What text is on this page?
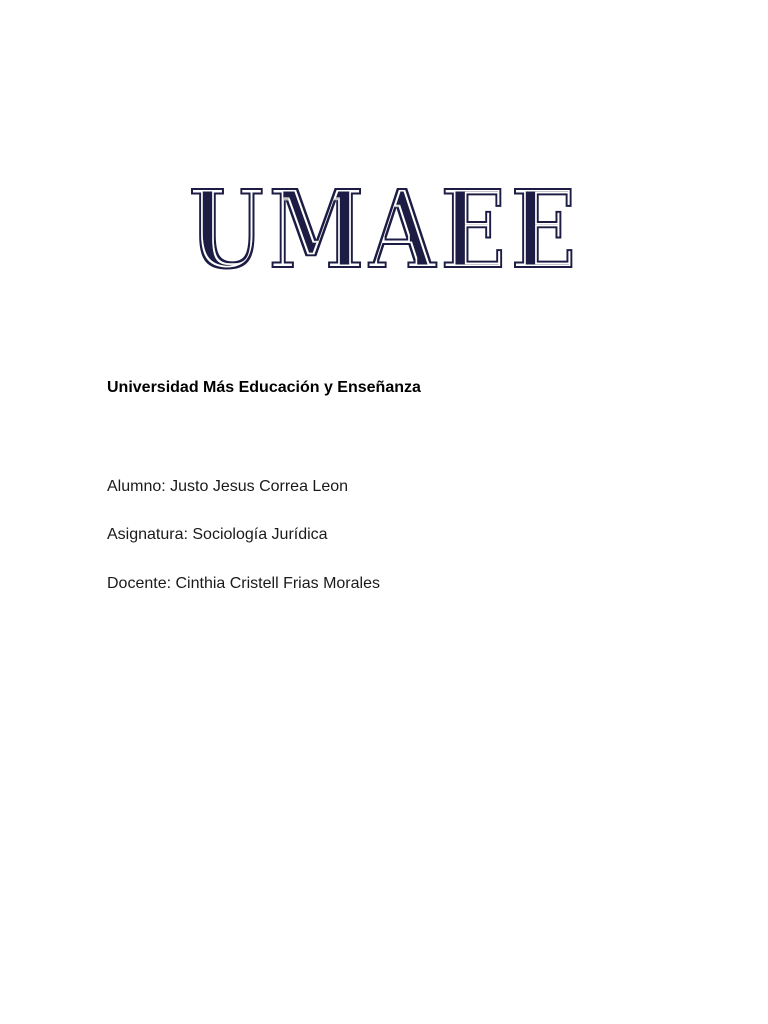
UMAEE
Universidad Más Educación y Enseñanza
Alumno: Justo Jesus Correa Leon
Asignatura: Sociología Jurídica
Docente: Cinthia Cristell Frias Morales
